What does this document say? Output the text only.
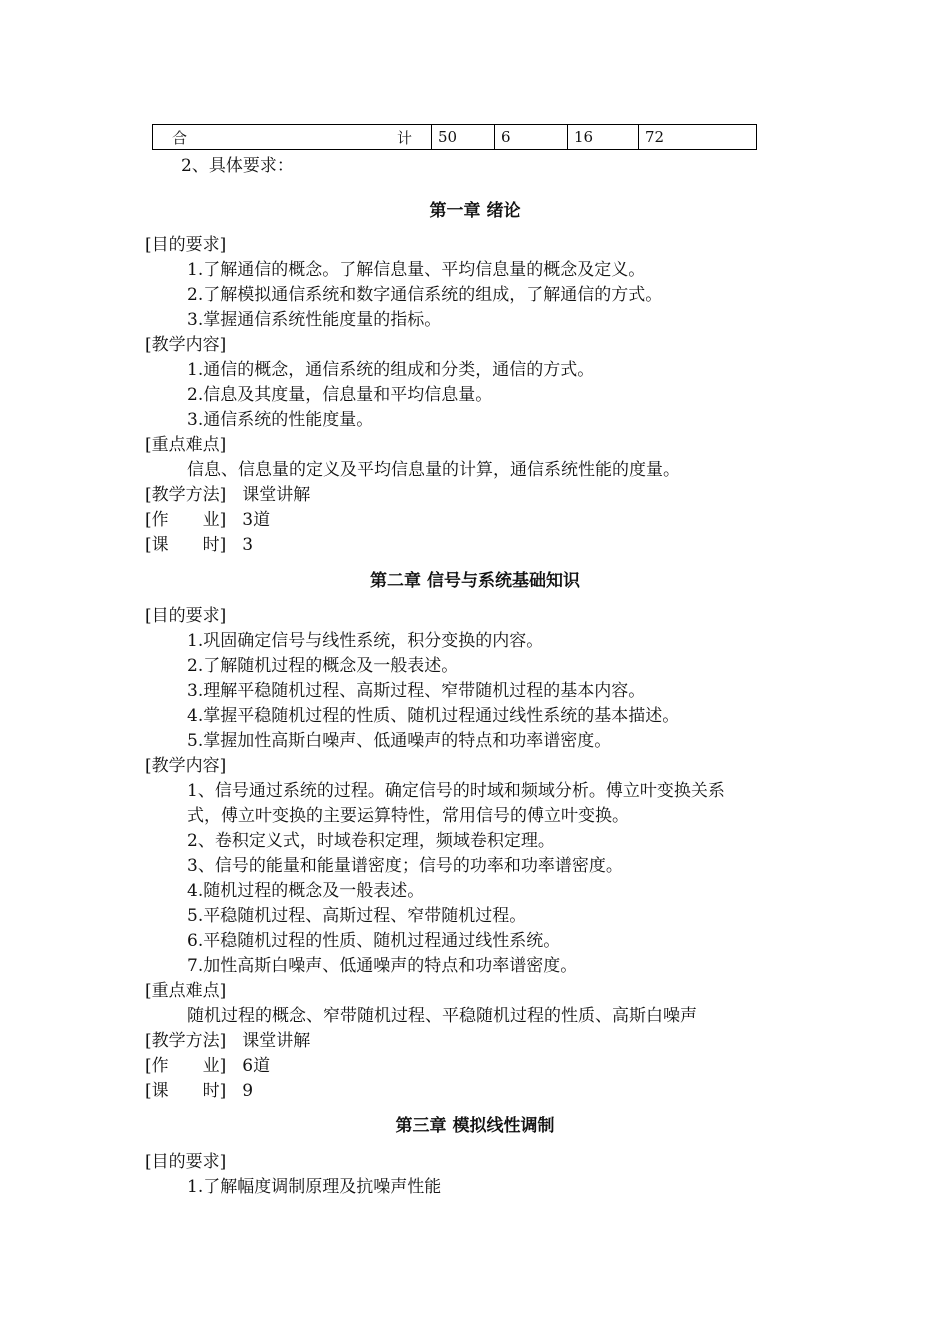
合	计	50	6	16	72
2、具体要求：
第一章 绪论
[目的要求]
1.了解通信的概念。了解信息量、平均信息量的概念及定义。
2.了解模拟通信系统和数字通信系统的组成，了解通信的方式。
3.掌握通信系统性能度量的指标。
[教学内容]
1.通信的概念，通信系统的组成和分类，通信的方式。
2.信息及其度量，信息量和平均信息量。
3.通信系统的性能度量。
[重点难点]
信息、信息量的定义及平均信息量的计算，通信系统性能的度量。
[教学方法] 课堂讲解
[作　　业] 3道
[课　　时] 3
第二章 信号与系统基础知识
[目的要求]
1.巩固确定信号与线性系统，积分变换的内容。
2.了解随机过程的概念及一般表述。
3.理解平稳随机过程、高斯过程、窄带随机过程的基本内容。
4.掌握平稳随机过程的性质、随机过程通过线性系统的基本描述。
5.掌握加性高斯白噪声、低通噪声的特点和功率谱密度。
[教学内容]
1、信号通过系统的过程。确定信号的时域和频域分析。傅立叶变换关系
式，傅立叶变换的主要运算特性，常用信号的傅立叶变换。
2、卷积定义式，时域卷积定理，频域卷积定理。
3、信号的能量和能量谱密度；信号的功率和功率谱密度。
4.随机过程的概念及一般表述。
5.平稳随机过程、高斯过程、窄带随机过程。
6.平稳随机过程的性质、随机过程通过线性系统。
7.加性高斯白噪声、低通噪声的特点和功率谱密度。
[重点难点]
随机过程的概念、窄带随机过程、平稳随机过程的性质、高斯白噪声
[教学方法] 课堂讲解
[作　　业] 6道
[课　　时] 9
第三章 模拟线性调制
[目的要求]
1.了解幅度调制原理及抗噪声性能
